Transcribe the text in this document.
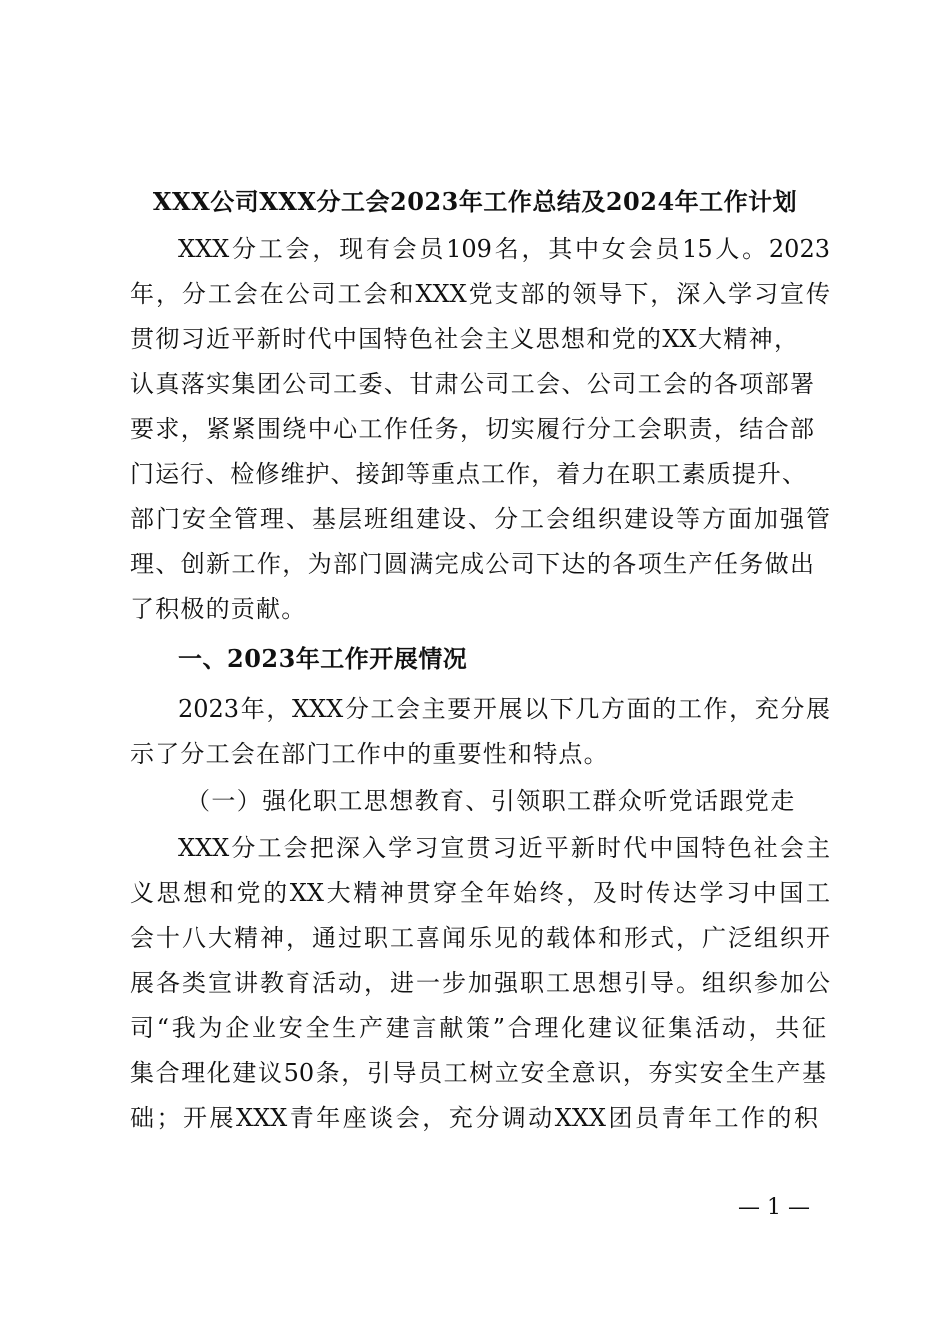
XXX公司XXX分工会2023年工作总结及2024年工作计划
XXX分工会，现有会员109名，其中女会员15人。2023
年，分工会在公司工会和XXX党支部的领导下，深入学习宣传
贯彻习近平新时代中国特色社会主义思想和党的XX大精神，
认真落实集团公司工委、甘肃公司工会、公司工会的各项部署
要求，紧紧围绕中心工作任务，切实履行分工会职责，结合部
门运行、检修维护、接卸等重点工作，着力在职工素质提升、
部门安全管理、基层班组建设、分工会组织建设等方面加强管
理、创新工作，为部门圆满完成公司下达的各项生产任务做出
了积极的贡献。
一、2023年工作开展情况
2023年，XXX分工会主要开展以下几方面的工作，充分展
示了分工会在部门工作中的重要性和特点。
（一）强化职工思想教育、引领职工群众听党话跟党走
XXX分工会把深入学习宣贯习近平新时代中国特色社会主
义思想和党的XX大精神贯穿全年始终，及时传达学习中国工
会十八大精神，通过职工喜闻乐见的载体和形式，广泛组织开
展各类宣讲教育活动，进一步加强职工思想引导。组织参加公
司“我为企业安全生产建言献策”合理化建议征集活动，共征
集合理化建议50条，引导员工树立安全意识，夯实安全生产基
础；开展XXX青年座谈会，充分调动XXX团员青年工作的积
— 1 —
